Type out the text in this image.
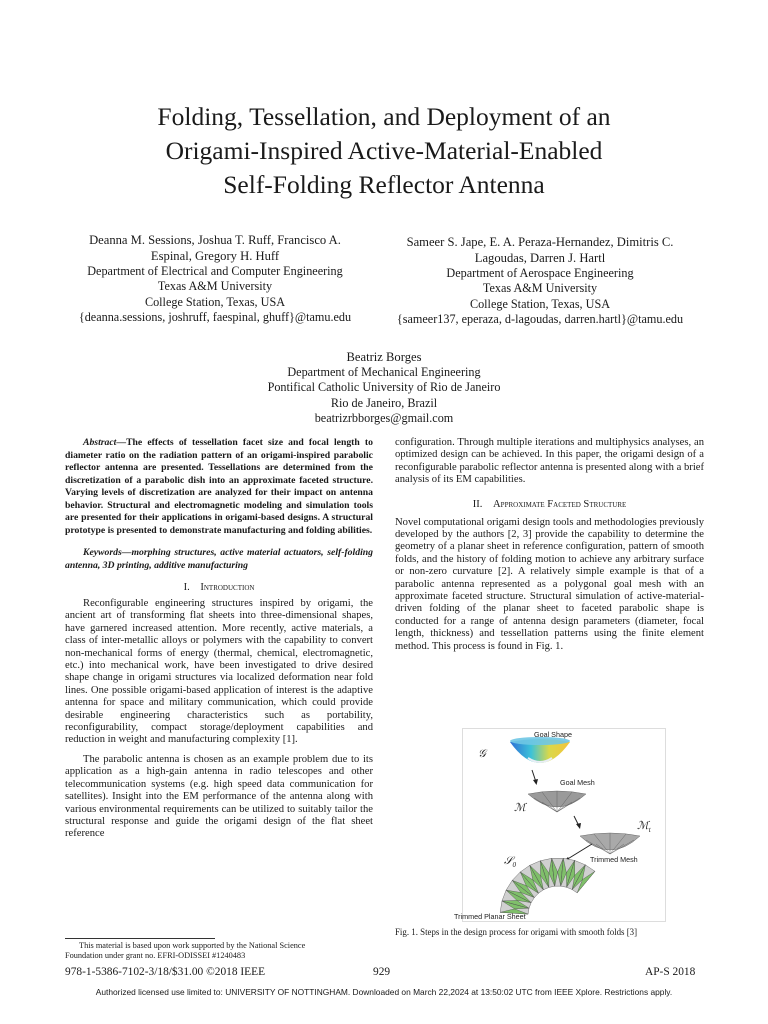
Folding, Tessellation, and Deployment of an
Origami-Inspired Active-Material-Enabled
Self-Folding Reflector Antenna
Deanna M. Sessions, Joshua T. Ruff, Francisco A.
Espinal, Gregory H. Huff
Department of Electrical and Computer Engineering
Texas A&M University
College Station, Texas, USA
{deanna.sessions, joshruff, faespinal, ghuff}@tamu.edu
Sameer S. Jape, E. A. Peraza-Hernandez, Dimitris C.
Lagoudas, Darren J. Hartl
Department of Aerospace Engineering
Texas A&M University
College Station, Texas, USA
{sameer137, eperaza, d-lagoudas, darren.hartl}@tamu.edu
Beatriz Borges
Department of Mechanical Engineering
Pontifical Catholic University of Rio de Janeiro
Rio de Janeiro, Brazil
beatrizrbborges@gmail.com

Abstract—The effects of tessellation facet size and focal length to diameter ratio on the radiation pattern of an origami-inspired parabolic reflector antenna are presented. Tessellations are determined from the discretization of a parabolic dish into an approximate faceted structure. Varying levels of discretization are analyzed for their impact on antenna behavior. Structural and electromagnetic modeling and simulation tools are presented for their applications in origami-based designs. A structural prototype is presented to demonstrate manufacturing and folding abilities.

Keywords—morphing structures, active material actuators, self-folding antenna, 3D printing, additive manufacturing

I. Introduction

Reconfigurable engineering structures inspired by origami, the ancient art of transforming flat sheets into three-dimensional shapes, have garnered increased attention. More recently, active materials, a class of inter-metallic alloys or polymers with the capability to convert non-mechanical forms of energy (thermal, chemical, electromagnetic, etc.) into mechanical work, have been investigated to drive desired shape change in origami structures via localized deformation near fold lines. One possible origami-based application of interest is the adaptive antenna for space and military communication, which could provide desirable engineering characteristics such as portability, reconfigurability, compact storage/deployment capabilities and reduction in weight and manufacturing complexity [1].

The parabolic antenna is chosen as an example problem due to its application as a high-gain antenna in radio telescopes and other telecommunication systems (e.g. high speed data communication for satellites). Insight into the EM performance of the antenna along with various environmental requirements can be utilized to suitably tailor the structural response and guide the origami design of the flat sheet reference

This material is based upon work supported by the National Science
Foundation under grant no. EFRI-ODISSEI #1240483

configuration. Through multiple iterations and multiphysics analyses, an optimized design can be achieved. In this paper, the origami design of a reconfigurable parabolic reflector antenna is presented along with a brief analysis of its EM capabilities.

II. Approximate Faceted Structure

Novel computational origami design tools and methodologies previously developed by the authors [2, 3] provide the capability to determine the geometry of a planar sheet in reference configuration, pattern of smooth folds, and the history of folding motion to achieve any arbitrary surface or non-zero curvature [2]. A relatively simple example is that of a parabolic antenna represented as a polygonal goal mesh with an approximate faceted structure. Structural simulation of active-material-driven folding of the planar sheet to faceted parabolic shape is conducted for a range of antenna design parameters (diameter, focal length, thickness) and tessellation patterns using the finite element method. This process is found in Fig. 1.

Goal Shape
𝒢
Goal Mesh
ℳ
ℳ$_t$
Trimmed Mesh
𝒮$_0$
Trimmed Planar Sheet
Fig. 1. Steps in the design process for origami with smooth folds [3]
978-1-5386-7102-3/18/$31.00 ©2018 IEEE	929	AP-S 2018
Authorized licensed use limited to: UNIVERSITY OF NOTTINGHAM. Downloaded on March 22,2024 at 13:50:02 UTC from IEEE Xplore. Restrictions apply.
